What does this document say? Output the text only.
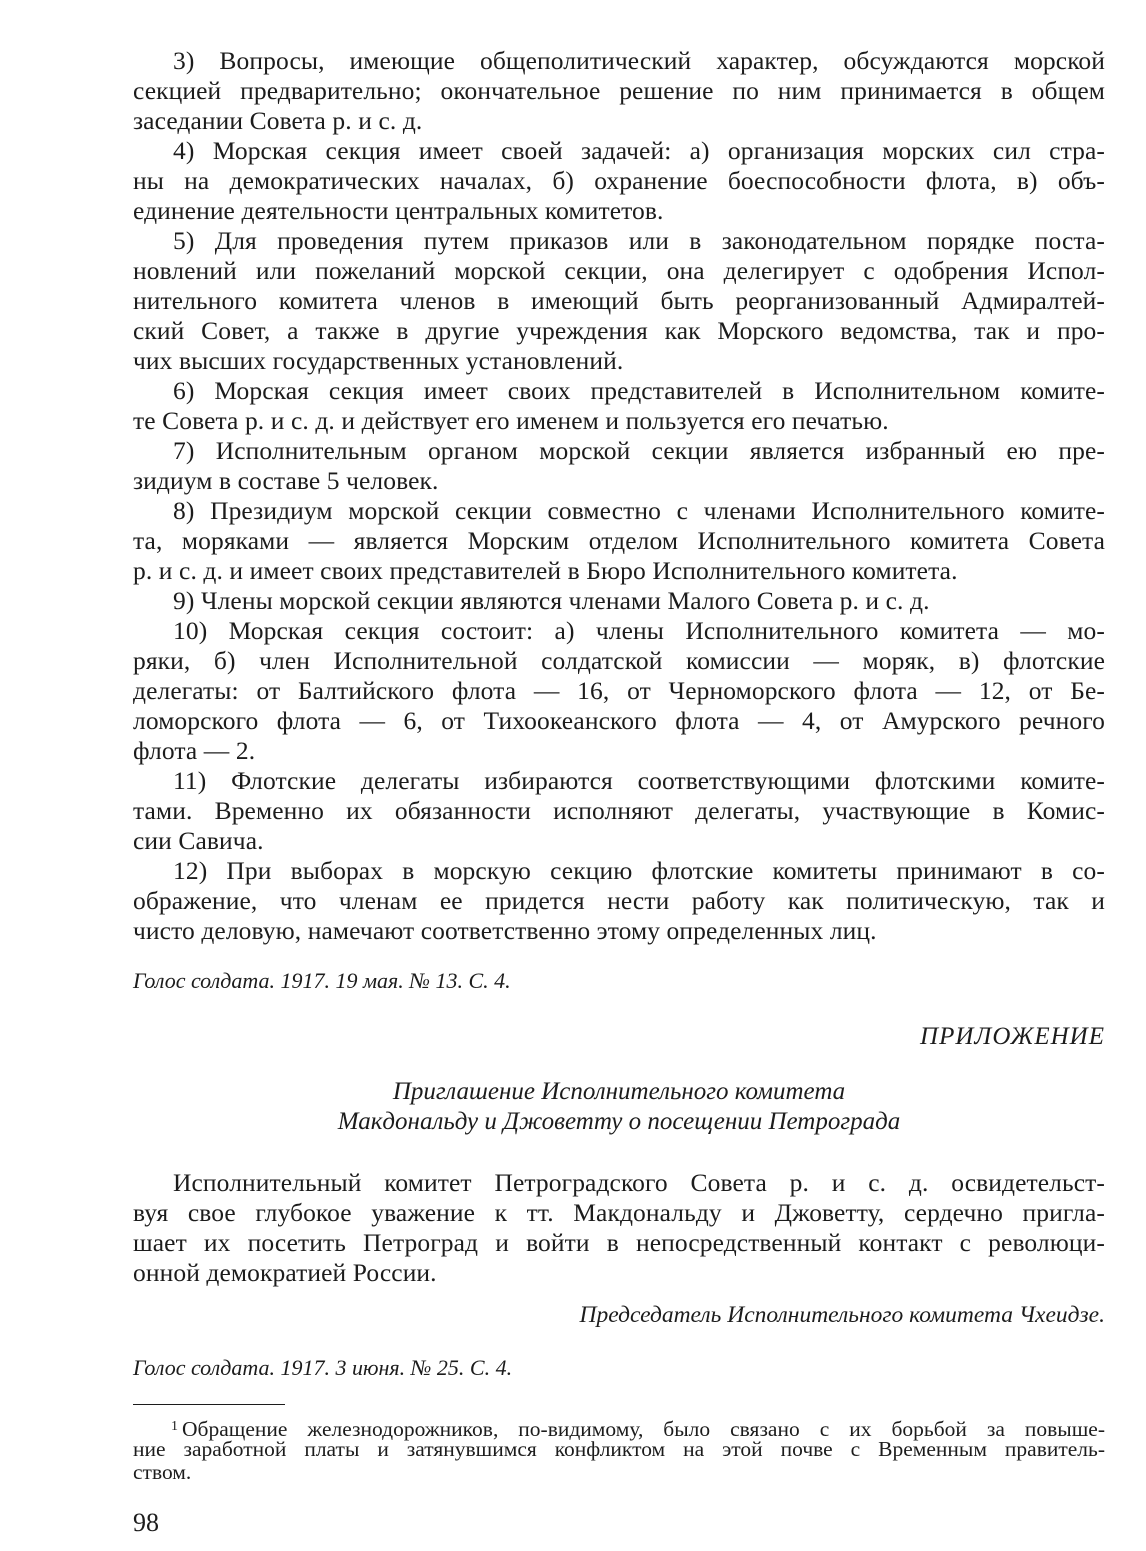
3) Вопросы, имеющие общеполитический характер, обсуждаются морской
секцией предварительно; окончательное решение по ним принимается в общем
заседании Совета р. и с. д.
4) Морская секция имеет своей задачей: а) организация морских сил стра-
ны на демократических началах, б) охранение боеспособности флота, в) объ-
единение деятельности центральных комитетов.
5) Для проведения путем приказов или в законодательном порядке поста-
новлений или пожеланий морской секции, она делегирует с одобрения Испол-
нительного комитета членов в имеющий быть реорганизованный Адмиралтей-
ский Совет, а также в другие учреждения как Морского ведомства, так и про-
чих высших государственных установлений.
6) Морская секция имеет своих представителей в Исполнительном комите-
те Совета р. и с. д. и действует его именем и пользуется его печатью.
7) Исполнительным органом морской секции является избранный ею пре-
зидиум в составе 5 человек.
8) Президиум морской секции совместно с членами Исполнительного комите-
та, моряками — является Морским отделом Исполнительного комитета Совета
р. и с. д. и имеет своих представителей в Бюро Исполнительного комитета.
9) Члены морской секции являются членами Малого Совета р. и с. д.
10) Морская секция состоит: а) члены Исполнительного комитета — мо-
ряки, б) член Исполнительной солдатской комиссии — моряк, в) флотские
делегаты: от Балтийского флота — 16, от Черноморского флота — 12, от Бе-
ломорского флота — 6, от Тихоокеанского флота — 4, от Амурского речного
флота — 2.
11) Флотские делегаты избираются соответствующими флотскими комите-
тами. Временно их обязанности исполняют делегаты, участвующие в Комис-
сии Савича.
12) При выборах в морскую секцию флотские комитеты принимают в со-
ображение, что членам ее придется нести работу как политическую, так и
чисто деловую, намечают соответственно этому определенных лиц.
Голос солдата. 1917. 19 мая. № 13. С. 4.
ПРИЛОЖЕНИЕ
Приглашение Исполнительного комитета
Макдональду и Джоветту о посещении Петрограда
Исполнительный комитет Петроградского Совета р. и с. д. освидетельст-
вуя свое глубокое уважение к тт. Макдональду и Джоветту, сердечно пригла-
шает их посетить Петроград и войти в непосредственный контакт с революци-
онной демократией России.
Председатель Исполнительного комитета Чхеидзе.
Голос солдата. 1917. 3 июня. № 25. С. 4.
$^1$ Обращение железнодорожников, по-видимому, было связано с их борьбой за повыше-
ние заработной платы и затянувшимся конфликтом на этой почве с Временным правитель-
ством.
98
